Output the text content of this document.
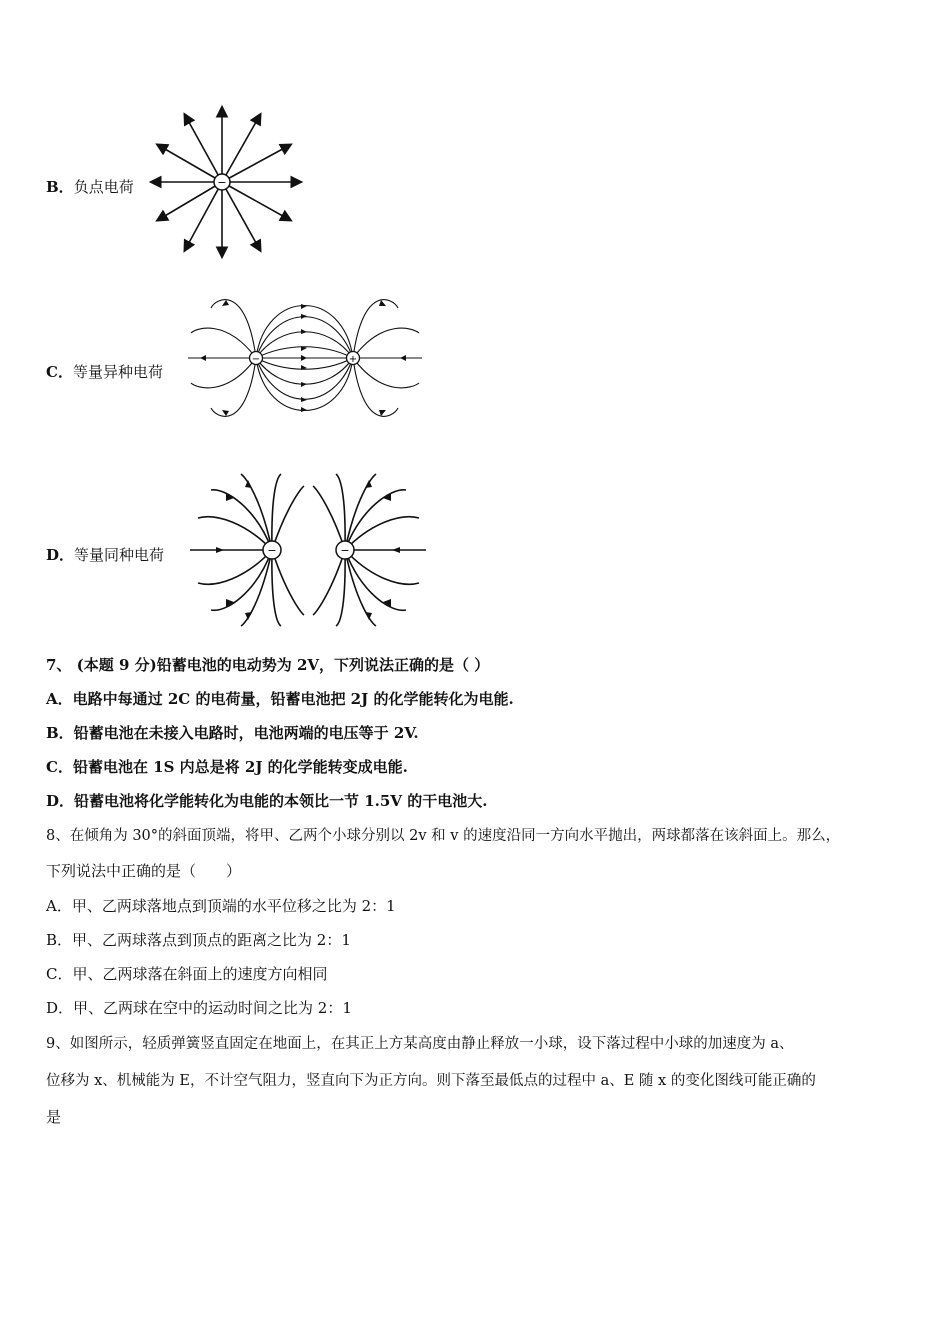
B．负点电荷	−
C．等量异种电荷
−	+
D．等量同种电荷	−	−
7、 (本题 9 分)铅蓄电池的电动势为 2V，下列说法正确的是（ ）
A．电路中每通过 2C 的电荷量，铅蓄电池把 2J 的化学能转化为电能.
B．铅蓄电池在未接入电路时，电池两端的电压等于 2V.
C．铅蓄电池在 1S 内总是将 2J 的化学能转变成电能.
D．铅蓄电池将化学能转化为电能的本领比一节 1.5V 的干电池大.
8、在倾角为 30°的斜面顶端，将甲、乙两个小球分别以 2v 和 v 的速度沿同一方向水平抛出，两球都落在该斜面上。那么，
下列说法中正确的是（　　）
A．甲、乙两球落地点到顶端的水平位移之比为 2：1
B．甲、乙两球落点到顶点的距离之比为 2：1
C．甲、乙两球落在斜面上的速度方向相同
D．甲、乙两球在空中的运动时间之比为 2：1
9、如图所示，轻质弹簧竖直固定在地面上，在其正上方某高度由静止释放一小球，设下落过程中小球的加速度为 a、
位移为 x、机械能为 E，不计空气阻力，竖直向下为正方向。则下落至最低点的过程中 a、E 随 x 的变化图线可能正确的
是
